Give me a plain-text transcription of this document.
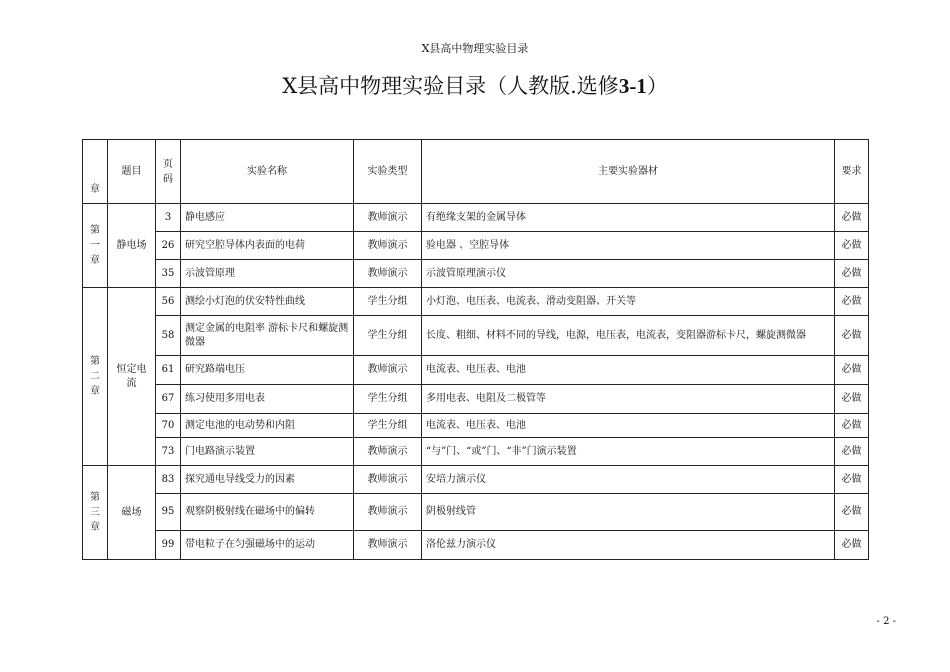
X县高中物理实验目录
X县高中物理实验目录（人教版.选修3-1）
章	题目	页码	实验名称	实验类型	主要实验器材	要求
第一章	静电场	3	静电感应	教师演示	有绝缘支架的金属导体	必做
		26	研究空腔导体内表面的电荷	教师演示	验电器 、空腔导体	必做
		35	示波管原理	教师演示	示波管原理演示仪	必做
第二章	恒定电流	56	测绘小灯泡的伏安特性曲线	学生分组	小灯泡、电压表、电流表、滑动变阻器、开关等	必做
		58	测定金属的电阻率 游标卡尺和螺旋测微器	学生分组	长度、粗细、材料不同的导线，电源，电压表，电流表，变阻器游标卡尺，螺旋测微器	必做
		61	研究路端电压	教师演示	电流表、电压表、电池	必做
		67	练习使用多用电表	学生分组	多用电表、电阻及二极管等	必做
		70	测定电池的电动势和内阻	学生分组	电流表、电压表、电池	必做
		73	门电路演示装置	教师演示	“与”门、“或”门、“非”门演示装置	必做
第三章	磁场	83	探究通电导线受力的因素	教师演示	安培力演示仪	必做
		95	观察阴极射线在磁场中的偏转	教师演示	阴极射线管	必做
		99	带电粒子在匀强磁场中的运动	教师演示	洛伦兹力演示仪	必做
- 2 -
